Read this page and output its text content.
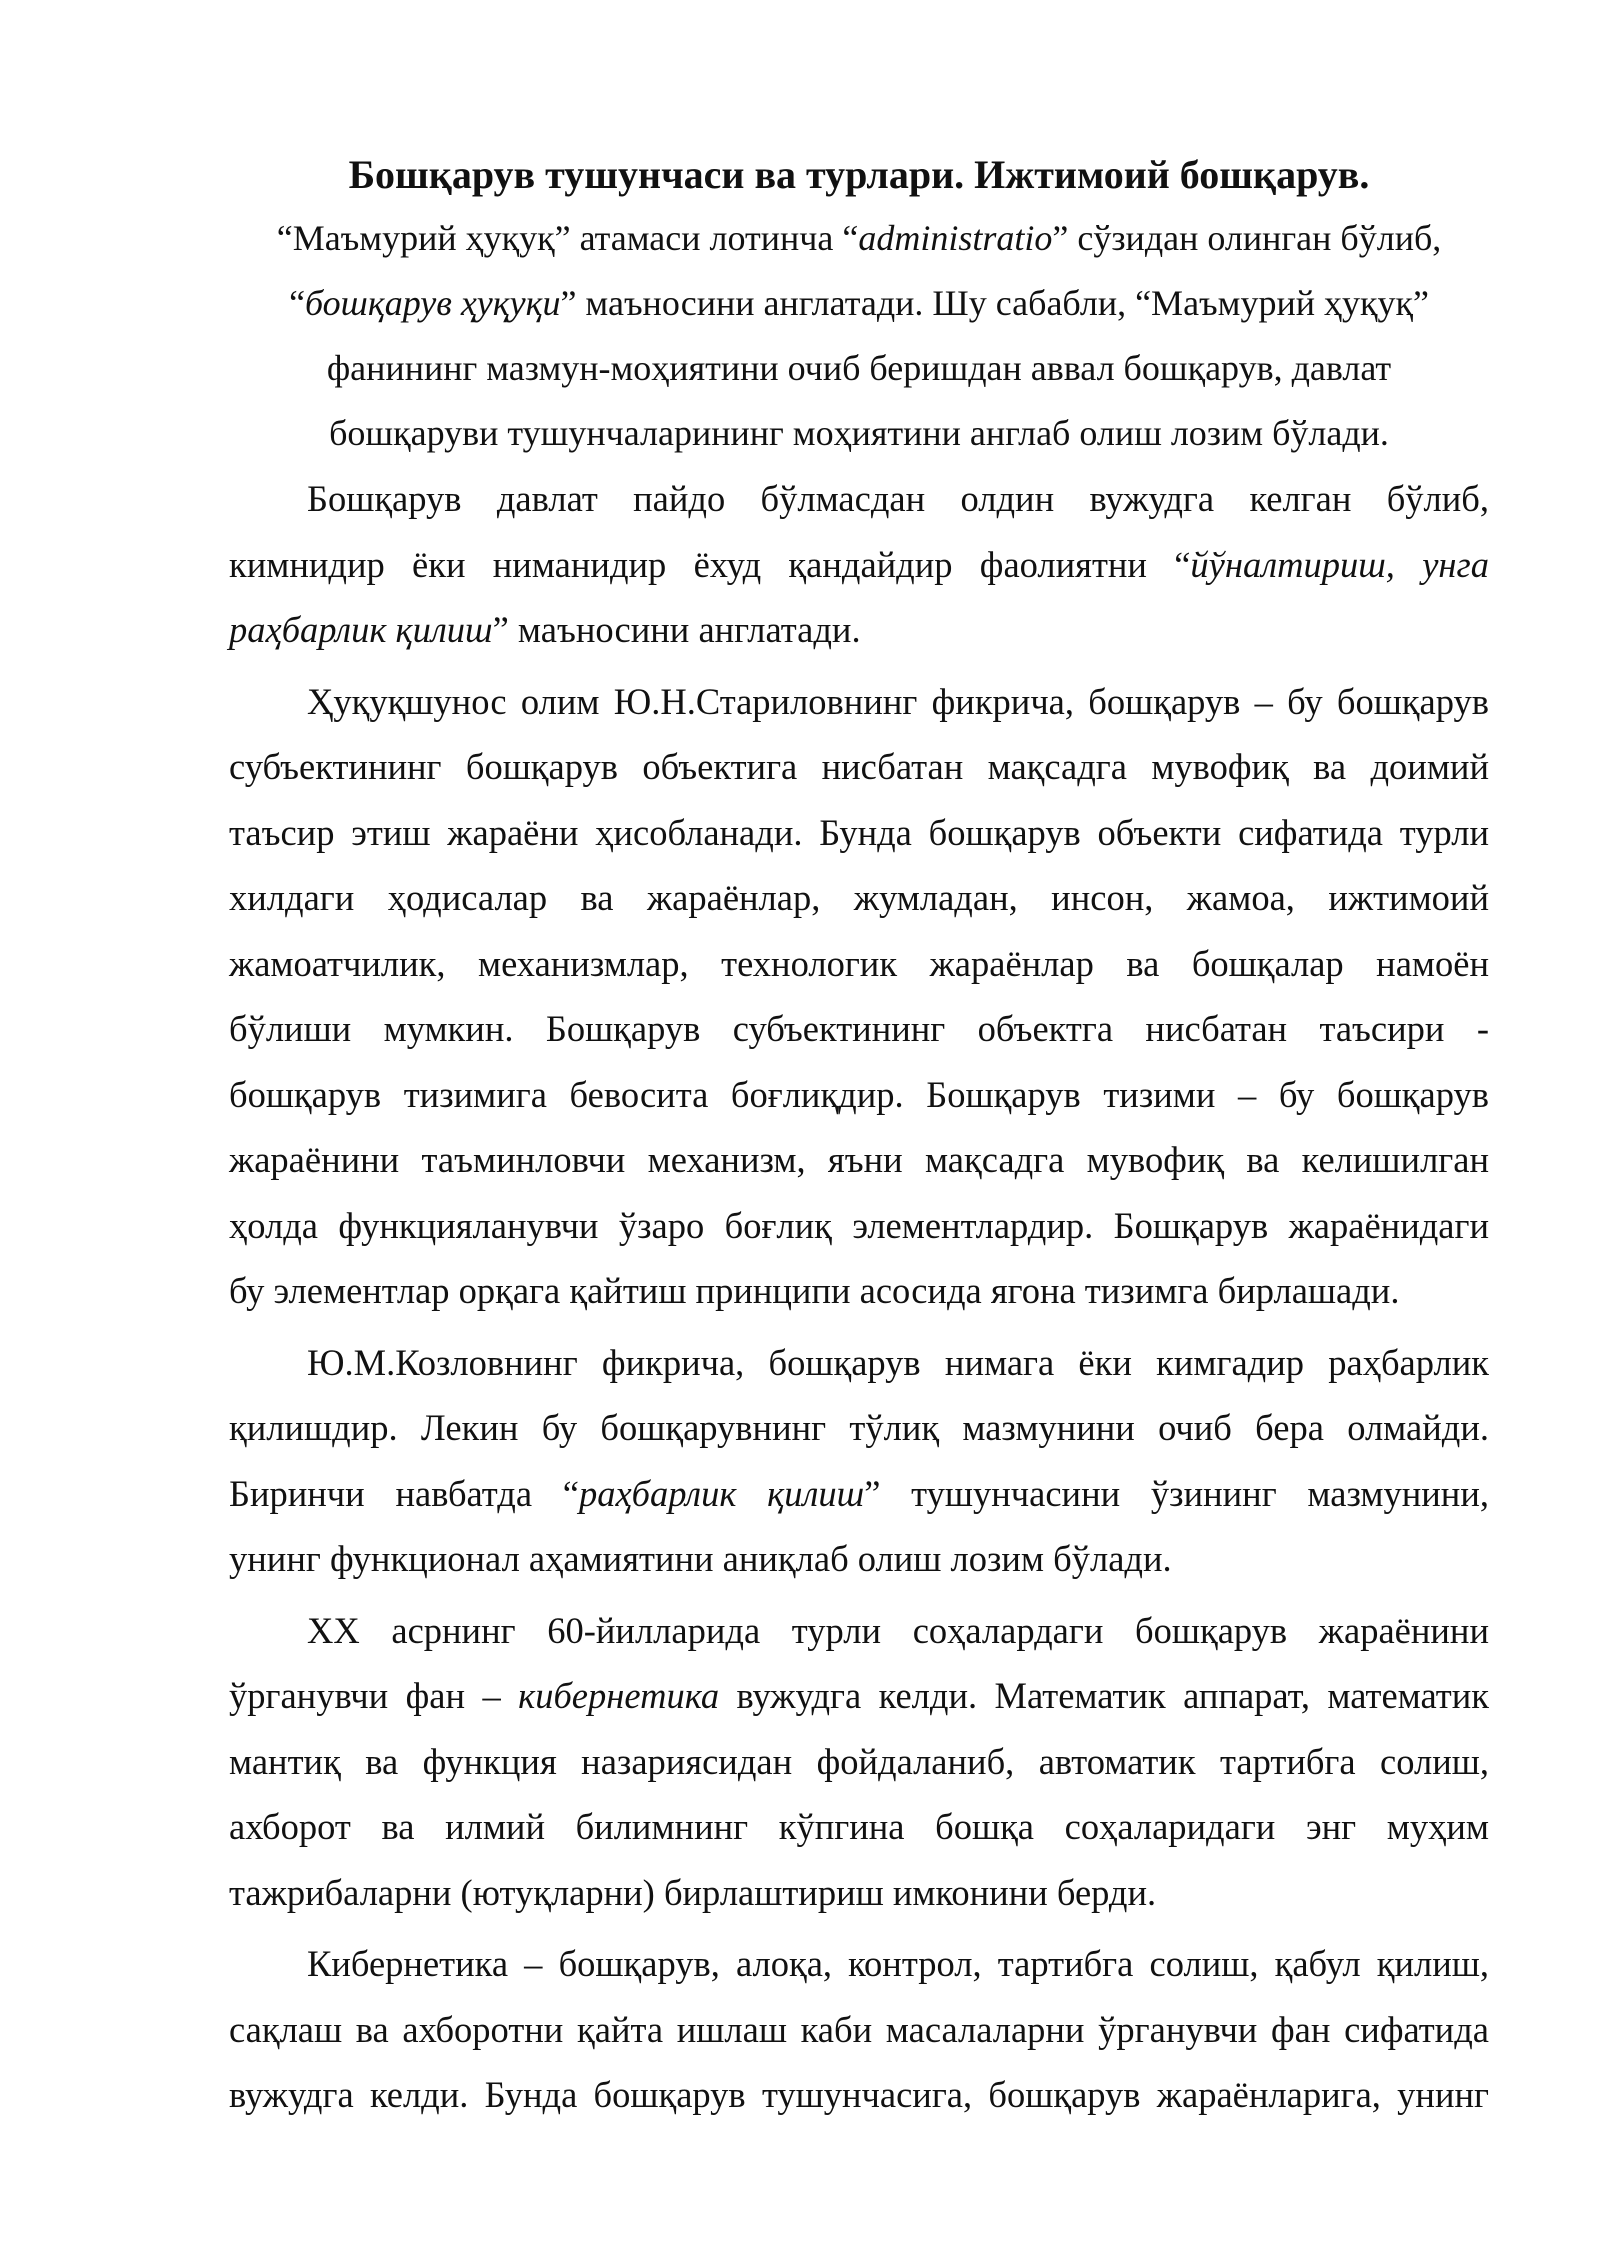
Бошқарув тушунчаси ва турлари. Ижтимоий бошқарув.
“Маъмурий ҳуқуқ” атамаси лотинча “administratio” сўзидан олинган бўлиб,
“бошқарув ҳуқуқи” маъносини англатади. Шу сабабли, “Маъмурий ҳуқуқ”
фанининг мазмун-моҳиятини очиб беришдан аввал бошқарув, давлат
бошқаруви тушунчаларининг моҳиятини англаб олиш лозим бўлади.
Бошқарув давлат пайдо бўлмасдан олдин вужудга келган бўлиб,
кимнидир ёки ниманидир ёхуд қандайдир фаолиятни “йўналтириш, унга
раҳбарлик қилиш” маъносини англатади.
Ҳуқуқшунос олим Ю.Н.Стариловнинг фикрича, бошқарув – бу бошқарув
субъектининг бошқарув объектига нисбатан мақсадга мувофиқ ва доимий
таъсир этиш жараёни ҳисобланади. Бунда бошқарув объекти сифатида турли
хилдаги ҳодисалар ва жараёнлар, жумладан, инсон, жамоа, ижтимоий
жамоатчилик, механизмлар, технологик жараёнлар ва бошқалар намоён
бўлиши мумкин. Бошқарув субъектининг объектга нисбатан таъсири -
бошқарув тизимига бевосита боғлиқдир. Бошқарув тизими – бу бошқарув
жараёнини таъминловчи механизм, яъни мақсадга мувофиқ ва келишилган
ҳолда функцияланувчи ўзаро боғлиқ элементлардир. Бошқарув жараёнидаги
бу элементлар орқага қайтиш принципи асосида ягона тизимга бирлашади.
Ю.М.Козловнинг фикрича, бошқарув нимага ёки кимгадир раҳбарлик
қилишдир. Лекин бу бошқарувнинг тўлиқ мазмунини очиб бера олмайди.
Биринчи навбатда “раҳбарлик қилиш” тушунчасини ўзининг мазмунини,
унинг функционал аҳамиятини аниқлаб олиш лозим бўлади.
XX асрнинг 60-йилларида турли соҳалардаги бошқарув жараёнини
ўрганувчи фан – кибернетика вужудга келди. Математик аппарат, математик
мантиқ ва функция назариясидан фойдаланиб, автоматик тартибга солиш,
ахборот ва илмий билимнинг кўпгина бошқа соҳаларидаги энг муҳим
тажрибаларни (ютуқларни) бирлаштириш имконини берди.
Кибернетика – бошқарув, алоқа, контрол, тартибга солиш, қабул қилиш,
сақлаш ва ахборотни қайта ишлаш каби масалаларни ўрганувчи фан сифатида
вужудга келди. Бунда бошқарув тушунчасига, бошқарув жараёнларига, унинг
